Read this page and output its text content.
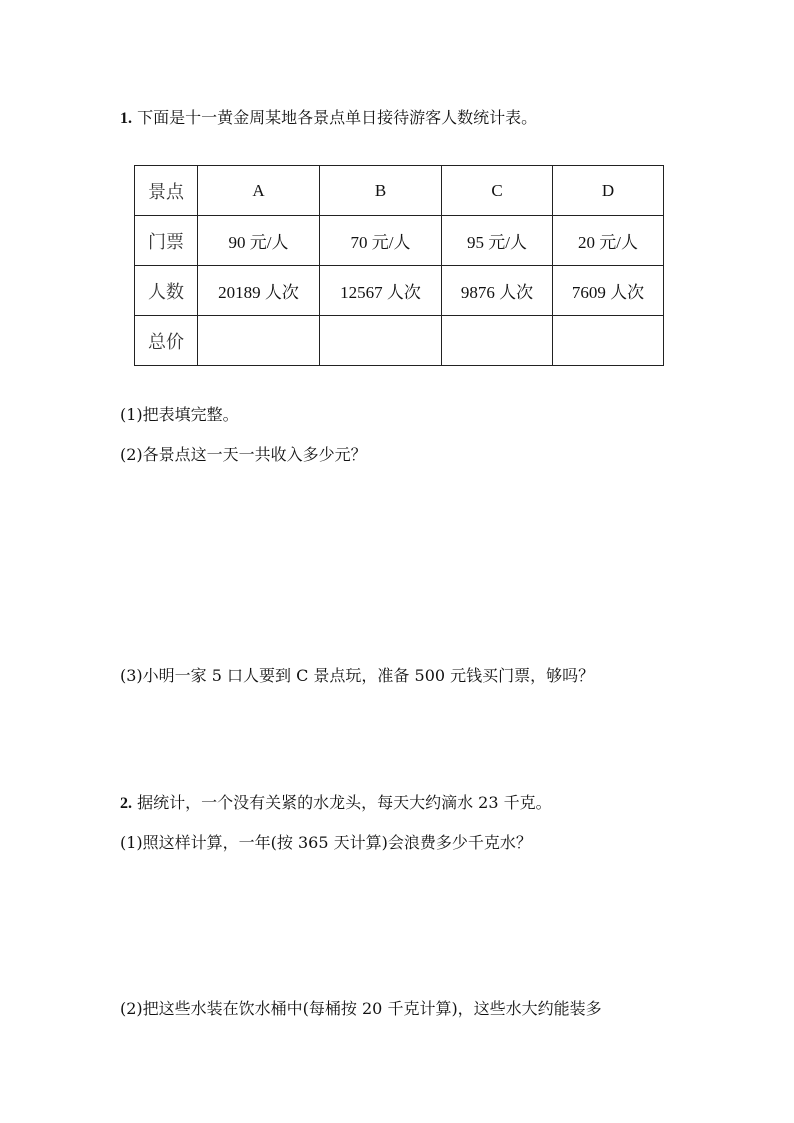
1. 下面是十一黄金周某地各景点单日接待游客人数统计表。
景点	A	B	C	D
门票	90 元/人	70 元/人	95 元/人	20 元/人
人数	20189 人次	12567 人次	9876 人次	7609 人次
总价				
(1)把表填完整。
(2)各景点这一天一共收入多少元？
(3)小明一家 5 口人要到 C 景点玩，准备 500 元钱买门票，够吗？
2. 据统计，一个没有关紧的水龙头，每天大约滴水 23 千克。
(1)照这样计算，一年(按 365 天计算)会浪费多少千克水？
(2)把这些水装在饮水桶中(每桶按 20 千克计算)，这些水大约能装多
